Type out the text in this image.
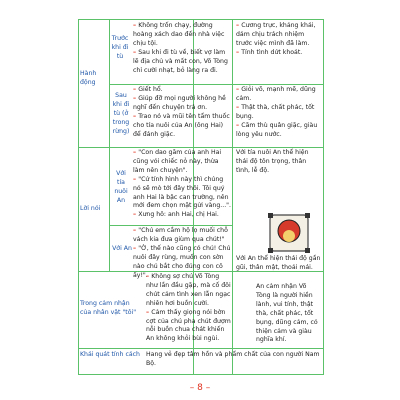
Hành động
Lời nói
Trong cảm nhận của nhân vật "tôi"
Khái quát tính cách
Trước khi đi tù
Sau khi đi tù (ở trong rừng)
Với tía nuôi An
Với An
– Không trốn chạy, đường hoàng xách dao đến nhà việc chịu tội.
– Sau khi đi tù về, biết vợ làm lẽ địa chủ và mất con, Võ Tòng chỉ cười nhạt, bỏ làng ra đi.
– Cương trực, khảng khái, dám chịu trách nhiệm trước việc mình đã làm.
– Tính tình dứt khoát.
– Giết hổ.
– Giúp đỡ mọi người không hề nghĩ đến chuyện trả ơn.
– Trao nó và mũi tên tẩm thuốc cho tía nuôi của An (ông Hai) để đánh giặc.
– Giỏi võ, mạnh mẽ, dũng cảm.
– Thật thà, chất phác, tốt bụng.
– Căm thù quân giặc, giàu lòng yêu nước.
– "Con dao găm của anh Hai cũng vói chiếc nỏ này, thừa làm nên chuyện".
– "Cứ tính hình này thì chúng nó sẽ mò tới đây thôi. Tôi quý anh Hai là bậc can trường, nên mới đem chọn mặt gửi vàng...".
– Xưng hô: anh Hai, chị Hai.
Với tía nuôi An thể hiện thái độ tôn trọng, thân tình, lễ độ.
Với An thể hiện thái độ gần gũi, thân mật, thoải mái.
– "Chú em cầm hộ lọ muối chỗ vách kia đưa giùm qua chút!"
– "Ờ, thế nào cũng có chú! Chú nuôi đây rùng, muốn con sờn nào chú bắt cho đúng con cô ấy!".
– Không sợ chú Võ Tòng như lần đầu gặp, mà cố đôi chút cảm tình xen lẫn ngạc nhiên hơi buồn cười.
– Cảm thấy giọng nói bờn cợt của chú pha chút đượm nỗi buồn chua chát khiến An không khỏi bùi ngùi.
An cảm nhận Võ Tòng là người hiền lành, vui tính, thật thà, chất phác, tốt bụng, dũng cảm, có thiện cảm và giàu nghĩa khí.
Hang vẻ đẹp tâm hồn và phẩm chất của con người Nam Bộ.
– 8 –
